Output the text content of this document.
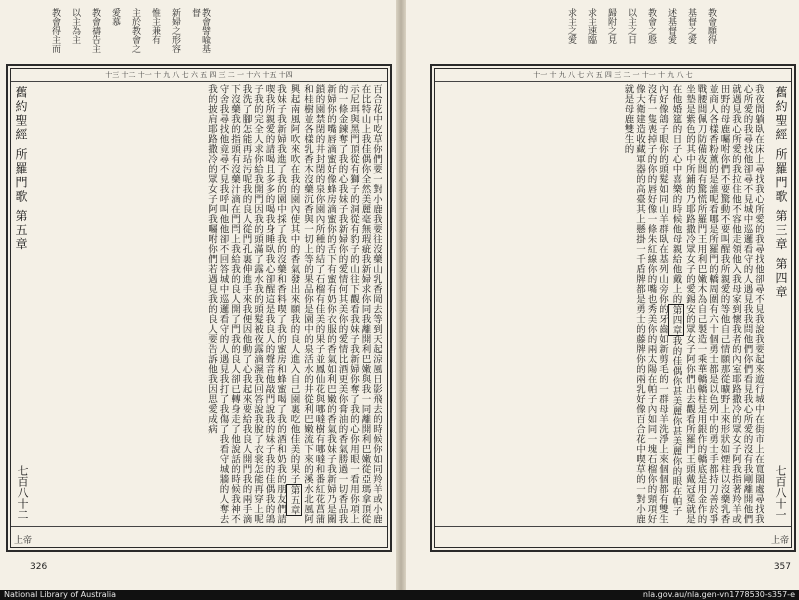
教會譬喩基督
新婦之形容
惟主兼有
主於教會之
愛慕
教會禱告主
以主為主
教會得主而
十三 十二 十一 十 九 八 七 六 五 四 三 二 一 十六 十五 十四
舊約聖經 所羅門歌 第五章	百合花中吃草你們要一對小鹿我要往沒藥山乳香岡去等到天起涼風日影飛去的時候你如同羚羊或小鹿在比特山上我佳偶你全然美麗毫無瑕疵我新婦求你同我離開利巴嫩與我一同離開利巴嫩從亞瑪拿頂從示尼珥與黑門頂從有獅子的洞從有豹子的山往下觀看我妹子我新婦你奪了我的心你用眼一看用你項上的一條金鍊奪了我的心我妹子我新婦你的愛情何其美你的愛情比酒更美你膏油的香氣勝過一切香品我新婦你的嘴唇滴蜜好像蜂房滴蜜你的舌下有蜜有奶你衣服的香氣如利巴嫩的香氣我妹子我新婦乃是關鎖的園禁閉的井封閉的泉你園內所種的結了石榴有佳美的果子並鳳仙花與哪噠樹有哪噠和番紅花菖蒲和桂樹並各樣乳香木沒藥沉香與一切上等的果品你是園中的泉活水的井從利巴嫩流下來的溪水北風阿興起南風阿吹來吹在我的園內使其中的香氣發出來願我的良人進入自己園裏吃他佳美的果子第五章我妹子我新婦我進了我的園中採了我的沒藥和香料喫了我的蜜房和蜂蜜喝了我的酒和奶我的朋友們請喫我所親愛的請喝且多多的喝我身睡臥我心卻醒這是我良人的聲音他敲門說我的妹子我的佳偶我的鴿子我的完全人求你給我開門因我的頭滿了露水我的頭髮被夜露滴濕我回答說我脫了衣裳怎能再穿上呢我洗了腳怎能再玷污呢我的良人從門孔裏伸進手來我便因他動了心我起來要給我良人開門我的兩手滴下沒藥我的指頭有沒藥汁滴在門閂上我給我的良人開了門我的良人卻已轉身走了他說話的時候我神不守舍我尋找他竟尋不見我呼叫他他卻不回答城中巡邏看守的人遇見我打了我傷了我看守城牆的人奪去我的披肩耶路撒冷的眾女子阿我囑咐你們若遇見我的良人要告訴他我因思愛成病
七百八十二
326
上帝
教會願得
基督之愛
述基督愛
教會之慇
以主之日
歸附之見
求主速臨
求主之愛
十一 十 九 八 七 六 五 四 三 二 一 十一 十 九 八 七
我夜間躺臥在床上尋找我心所愛的我尋找他卻尋不見我說我要起來遊行城中在街市上在寬闊處尋找我心所愛的我尋找他卻尋不見城中巡邏看守的人遇見我我問他們你們看見我心所愛的沒有我剛離開他們就遇見我心所愛的我拉住他不容他走領他入我母家到懷我者的內室耶路撒冷的眾女子阿我指著羚羊或田野的母鹿囑咐你們不要驚動不要叫醒我所親愛的等他自己情願那從曠野上來形狀如煙柱以沒藥乳香並商人各樣香粉薰的是誰呢看哪是所羅門的轎周圍有六十個勇士都是以色列中的勇士手都持刀善於爭戰腰間佩刀防備夜間有驚慌所羅門王用利巴嫩木為自己製造一乘華轎轎柱是用銀作的轎底是用金作的坐墊是紫色的其中所鋪的乃耶路撒冷眾女子的愛錫安的眾女子阿你們出去觀看所羅門王頭戴冠冕就是在他婚筵的日子心中喜樂的時候他母親給他戴上的第四章我的佳偶你甚美麗你甚美麗你的眼在帕子內好像鴿子眼你的頭髮如同山羊群臥在基列山旁你的牙齒如新剪毛的一群母羊洗淨上來個個都有雙生沒有一隻喪掉子的你的唇好像一條朱紅線你的嘴也秀美你的兩太陽在帕子內如同一塊石榴你的頸項好像大衛建造收藏軍器的高臺其上懸掛一千盾牌都是勇士的藤牌你的兩乳好像百合花中喫草的一對小鹿就是母鹿雙生的	舊約聖經 所羅門歌 第三章 第四章
七百八十一
357
上帝
National Library of Australia	nla.gov.au/nla.gen-vn1778530-s357-e
